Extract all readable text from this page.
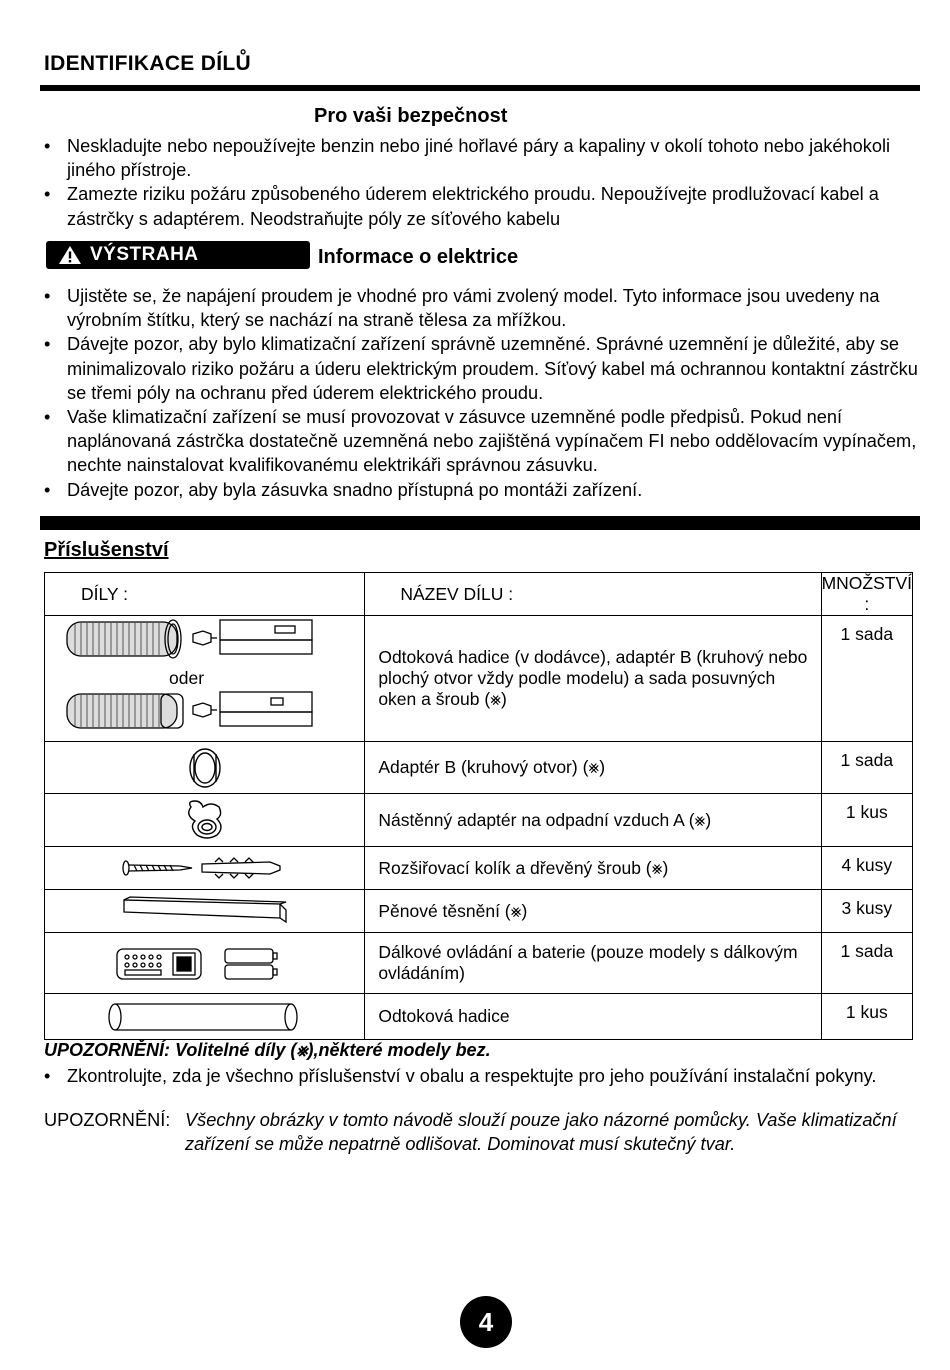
IDENTIFIKACE DÍLŮ
Pro vaši bezpečnost
• Neskladujte nebo nepoužívejte benzin nebo jiné hořlavé páry a kapaliny v okolí tohoto nebo jakéhokoli jiného přístroje.
• Zamezte riziku požáru způsobeného úderem elektrického proudu. Nepoužívejte prodlužovací kabel a zástrčky s adaptérem. Neodstraňujte póly ze síťového kabelu
VÝSTRAHA	Informace o elektrice
• Ujistěte se, že napájení proudem je vhodné pro vámi zvolený model. Tyto informace jsou uvedeny na výrobním štítku, který se nachází na straně tělesa za mřížkou.
• Dávejte pozor, aby bylo klimatizační zařízení správně uzemněné. Správné uzemnění je důležité, aby se minimalizovalo riziko požáru a úderu elektrickým proudem. Síťový kabel má ochrannou kontaktní zástrčku se třemi póly na ochranu před úderem elektrického proudu.
• Vaše klimatizační zařízení se musí provozovat v zásuvce uzemněné podle předpisů. Pokud není naplánovaná zástrčka dostatečně uzemněná nebo zajištěná vypínačem FI nebo oddělovacím vypínačem, nechte nainstalovat kvalifikovanému elektrikáři správnou zásuvku.
• Dávejte pozor, aby byla zásuvka snadno přístupná po montáži zařízení.
Příslušenství
DÍLY :	NÁZEV DÍLU :	MNOŽSTVÍ :

oder	Odtoková hadice (v dodávce), adaptér B (kruhový nebo plochý otvor vždy podle modelu) a sada posuvných oken a šroub (⨳)	1 sada

Adaptér B (kruhový otvor) (⨳)	1 sada

Nástěnný adaptér na odpadní vzduch A (⨳)	1 kus

Rozšiřovací kolík a dřevěný šroub (⨳)	4 kusy

Pěnové těsnění (⨳)	3 kusy

Dálkové ovládání a baterie (pouze modely s dálkovým ovládáním)	1 sada

Odtoková hadice	1 kus
UPOZORNĚNÍ: Volitelné díly (⨳),některé modely bez.
• Zkontrolujte, zda je všechno příslušenství v obalu a respektujte pro jeho používání instalační pokyny.
UPOZORNĚNÍ: Všechny obrázky v tomto návodě slouží pouze jako názorné pomůcky. Vaše klimatizační zařízení se může nepatrně odlišovat. Dominovat musí skutečný tvar.
4
